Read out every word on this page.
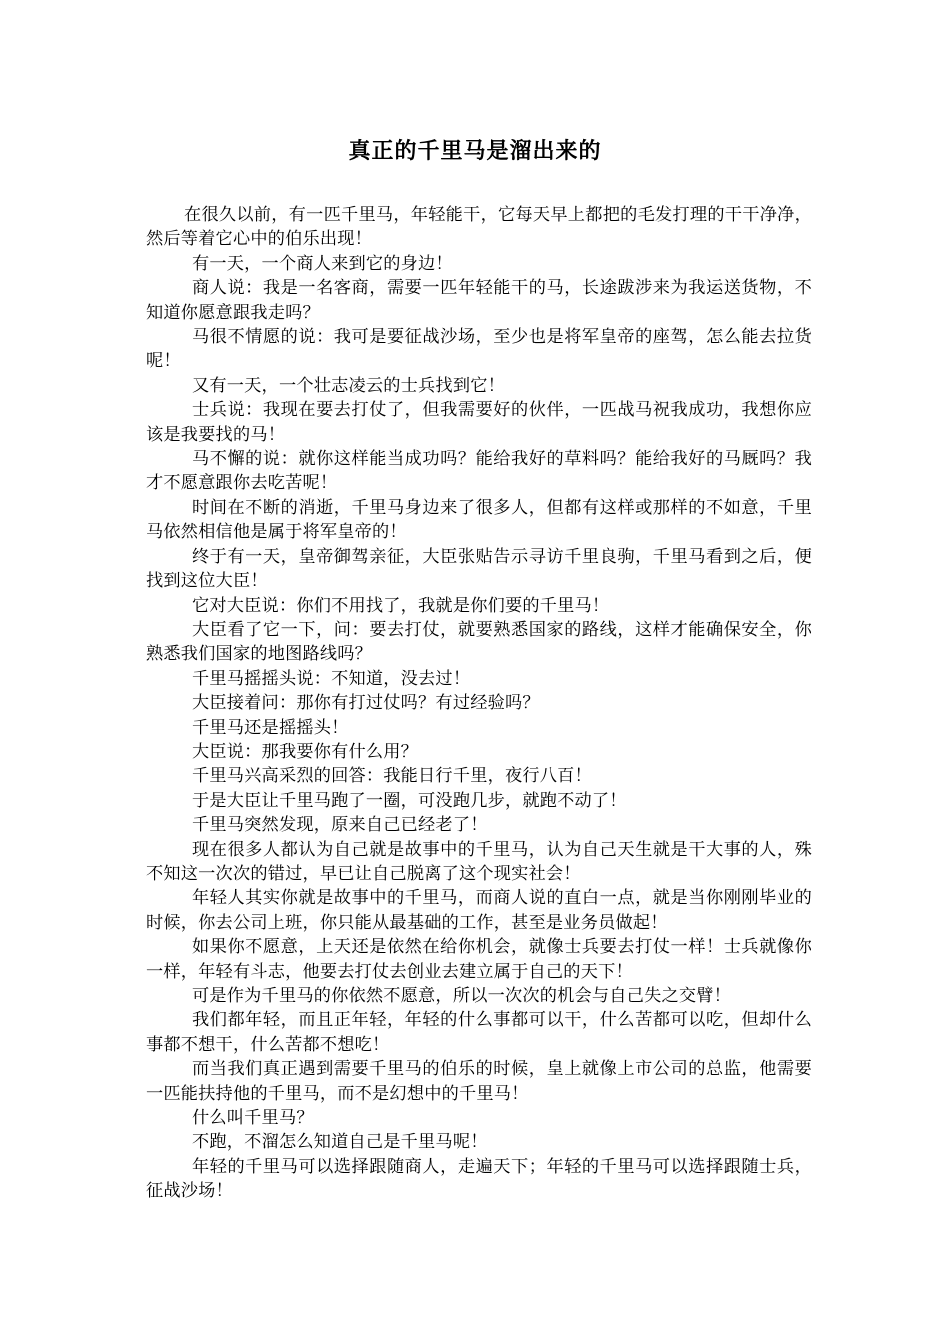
真正的千里马是溜出来的

在很久以前，有一匹千里马，年轻能干，它每天早上都把的毛发打理的干干净净，然后等着它心中的伯乐出现！

有一天，一个商人来到它的身边！

商人说：我是一名客商，需要一匹年轻能干的马，长途跋涉来为我运送货物，不知道你愿意跟我走吗？

马很不情愿的说：我可是要征战沙场，至少也是将军皇帝的座驾，怎么能去拉货呢！

又有一天，一个壮志凌云的士兵找到它！

士兵说：我现在要去打仗了，但我需要好的伙伴，一匹战马祝我成功，我想你应该是我要找的马！

马不懈的说：就你这样能当成功吗？能给我好的草料吗？能给我好的马厩吗？我才不愿意跟你去吃苦呢！

时间在不断的消逝，千里马身边来了很多人，但都有这样或那样的不如意，千里马依然相信他是属于将军皇帝的！

终于有一天，皇帝御驾亲征，大臣张贴告示寻访千里良驹，千里马看到之后，便找到这位大臣！

它对大臣说：你们不用找了，我就是你们要的千里马！

大臣看了它一下，问：要去打仗，就要熟悉国家的路线，这样才能确保安全，你熟悉我们国家的地图路线吗？

千里马摇摇头说：不知道，没去过！

大臣接着问：那你有打过仗吗？有过经验吗？

千里马还是摇摇头！

大臣说：那我要你有什么用？

千里马兴高采烈的回答：我能日行千里，夜行八百！

于是大臣让千里马跑了一圈，可没跑几步，就跑不动了！

千里马突然发现，原来自己已经老了！

现在很多人都认为自己就是故事中的千里马，认为自己天生就是干大事的人，殊不知这一次次的错过，早已让自己脱离了这个现实社会！

年轻人其实你就是故事中的千里马，而商人说的直白一点，就是当你刚刚毕业的时候，你去公司上班，你只能从最基础的工作，甚至是业务员做起！

如果你不愿意，上天还是依然在给你机会，就像士兵要去打仗一样！士兵就像你一样，年轻有斗志，他要去打仗去创业去建立属于自己的天下！

可是作为千里马的你依然不愿意，所以一次次的机会与自己失之交臂！

我们都年轻，而且正年轻，年轻的什么事都可以干，什么苦都可以吃，但却什么事都不想干，什么苦都不想吃！

而当我们真正遇到需要千里马的伯乐的时候，皇上就像上市公司的总监，他需要一匹能扶持他的千里马，而不是幻想中的千里马！

什么叫千里马？

不跑，不溜怎么知道自己是千里马呢！

年轻的千里马可以选择跟随商人，走遍天下；年轻的千里马可以选择跟随士兵，征战沙场！
